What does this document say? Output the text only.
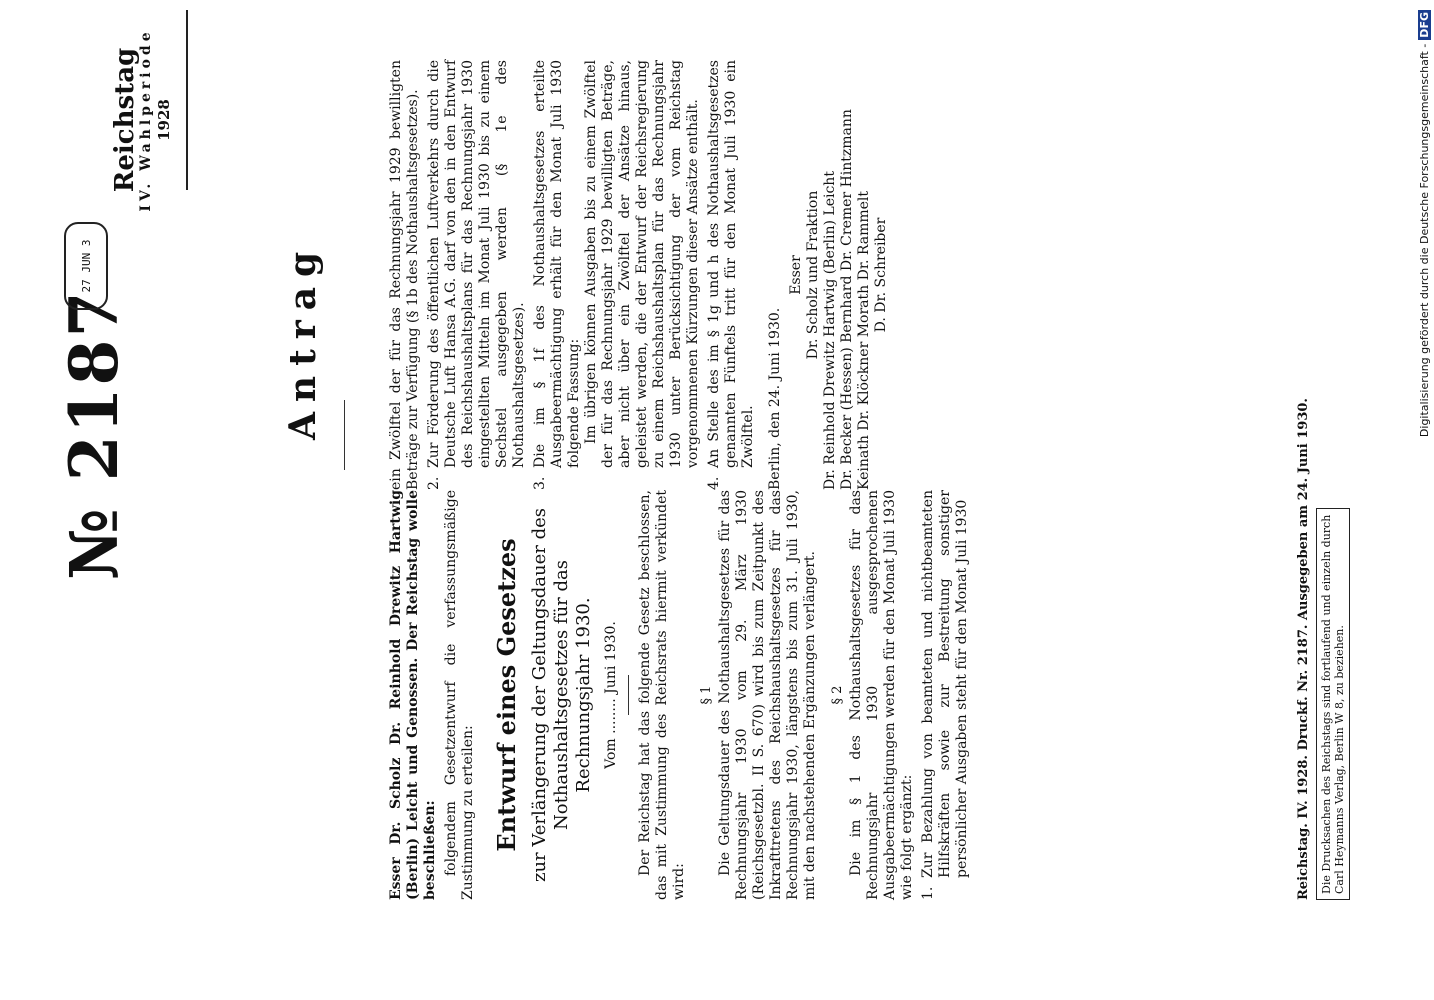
№ 2187
27 JUN 3
Reichstag
IV. Wahlperiode 1928
Antrag

Esser Dr. Scholz Dr. Reinhold Drewitz Hartwig (Berlin) Leicht und Genossen. Der Reichstag wolle beschließen: folgendem Gesetzentwurf die verfassungsmäßige Zustimmung zu erteilen: Entwurf eines Gesetzes zur Verlängerung der Geltungsdauer des Nothaushaltsgesetzes für das Rechnungsjahr 1930. Vom ........ Juni 1930. Der Reichstag hat das folgende Gesetz beschlossen, das mit Zustimmung des Reichsrats hiermit verkündet wird:

§ 1 Die Geltungsdauer des Nothaushaltsgesetzes für das Rechnungsjahr 1930 vom 29. März 1930 (Reichsgesetzbl. II S. 670) wird bis zum Zeitpunkt des Inkrafttretens des Reichshaushaltsgesetzes für das Rechnungsjahr 1930, längstens bis zum 31. Juli 1930, mit den nachstehenden Ergänzungen verlängert. § 2 Die im § 1 des Nothaushaltsgesetzes für das Rechnungsjahr 1930 ausgesprochenen Ausgabeermächtigungen werden für den Monat Juli 1930 wie folgt ergänzt: 1.
Zur Bezahlung von beamteten und nichtbeamteten Hilfskräften sowie zur Bestreitung sonstiger persönlicher Ausgaben steht für den Monat Juli 1930

ein Zwölftel der für das Rechnungsjahr 1929 bewilligten Beträge zur Verfügung (§ 1b des Nothaushaltsgesetzes). 2.
Zur Förderung des öffentlichen Luftverkehrs durch die Deutsche Luft Hansa A.G. darf von den in den Entwurf des Reichshaushaltsplans für das Rechnungsjahr 1930 eingestellten Mitteln im Monat Juli 1930 bis zu einem Sechstel ausgegeben werden (§ 1e des Nothaushaltsgesetzes).
3.
Die im § 1f des Nothaushaltsgesetzes erteilte Ausgabeermächtigung erhält für den Monat Juli 1930 folgende Fassung: Im übrigen können Ausgaben bis zu einem Zwölftel der für das Rechnungsjahr 1929 bewilligten Beträge, aber nicht über ein Zwölftel der Ansätze hinaus, geleistet werden, die der Entwurf der Reichsregierung zu einem Reichshaushaltsplan für das Rechnungsjahr 1930 unter Berücksichtigung der vom Reichstag vorgenommenen Kürzungen dieser Ansätze enthält.

4.
An Stelle des im § 1g und h des Nothaushaltsgesetzes genannten Fünftels tritt für den Monat Juli 1930 ein Zwölftel. Berlin, den 24. Juni 1930.

Esser Dr. Scholz und Fraktion Dr. Reinhold Drewitz Hartwig (Berlin) Leicht Dr. Becker (Hessen) Bernhard Dr. Cremer Hintzmann Keinath Dr. Klöckner Morath Dr. Rammelt D. Dr. Schreiber
Reichstag. IV. 1928. Druckf. Nr. 2187. Ausgegeben am 24. Juni 1930. Die Drucksachen des Reichstags sind fortlaufend und einzeln durch Carl Heymanns Verlag, Berlin W 8, zu beziehen.
Digitalisierung gefördert durch die Deutsche Forschungsgemeinschaft -DFG
